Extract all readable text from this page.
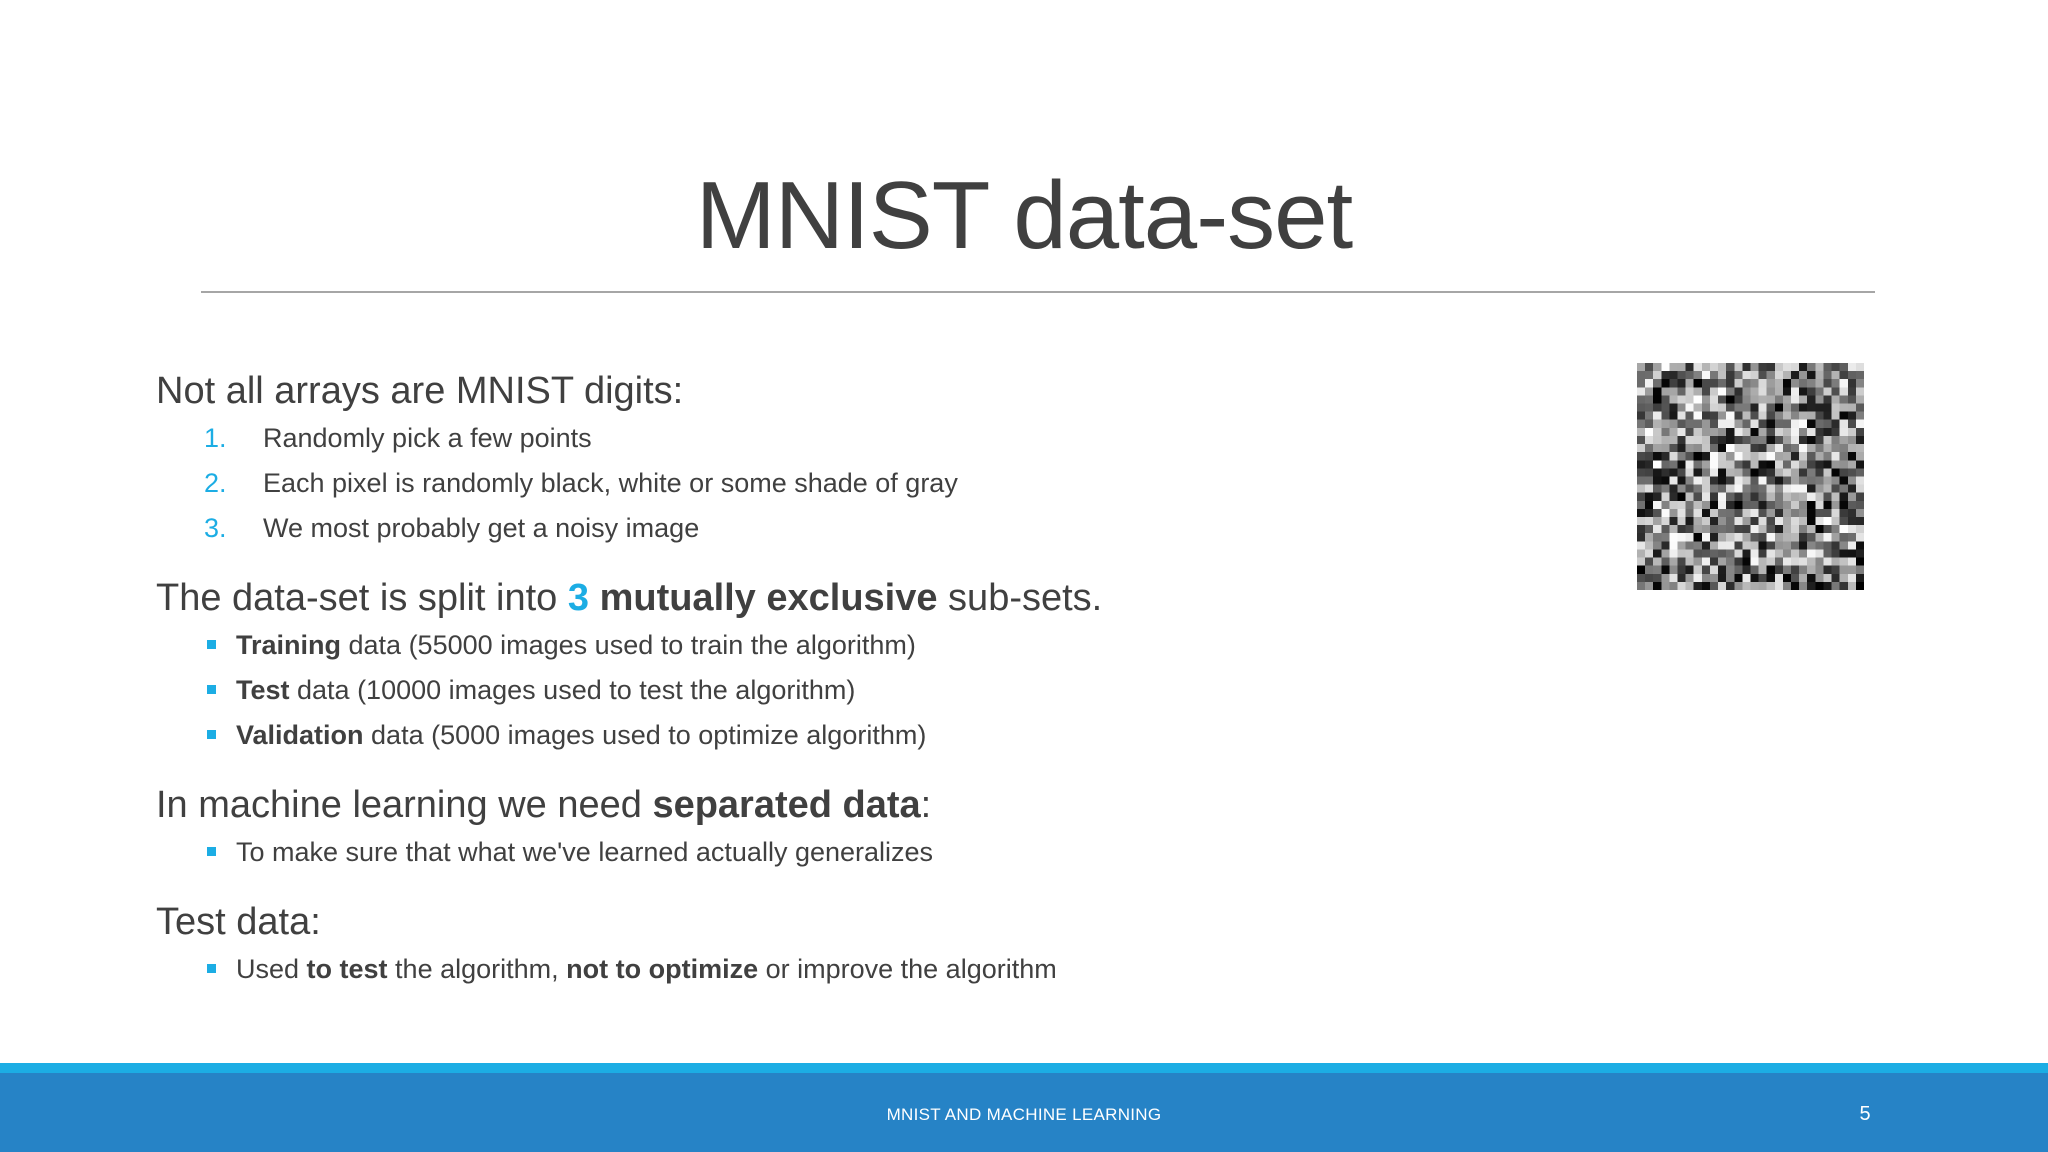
MNIST data-set

Not all arrays are MNIST digits:

1. Randomly pick a few points
2. Each pixel is randomly black, white or some shade of gray
3. We most probably get a noisy image

The data-set is split into 3 mutually exclusive sub-sets.

Training data (55000 images used to train the algorithm)
Test data (10000 images used to test the algorithm)
Validation data (5000 images used to optimize algorithm)

In machine learning we need separated data:

To make sure that what we've learned actually generalizes

Test data:

Used to test the algorithm, not to optimize or improve the algorithm
MNIST AND MACHINE LEARNING	5
